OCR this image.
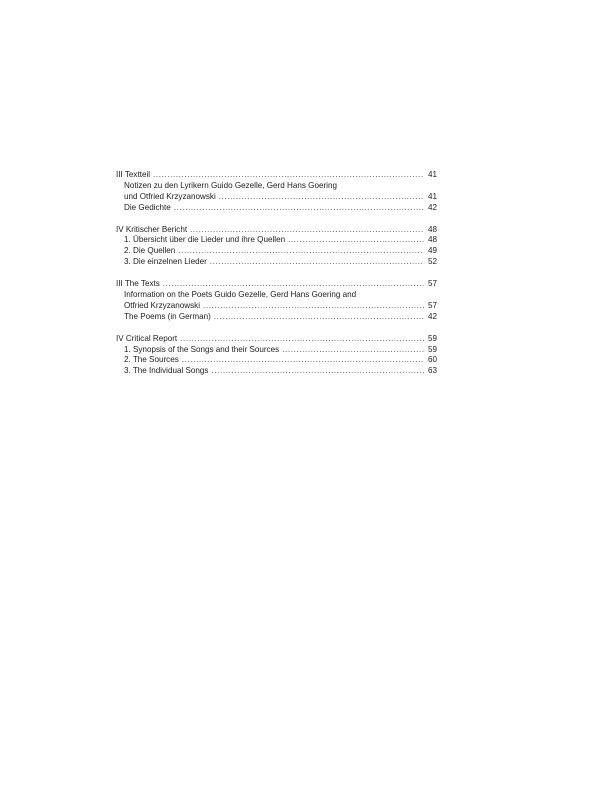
III Textteil .....	41
Notizen zu den Lyrikern Guido Gezelle, Gerd Hans Goering
und Otfried Krzyzanowski .....	41
Die Gedichte .....	42
IV Kritischer Bericht .....	48
1. Übersicht über die Lieder und ihre Quellen .....	48
2. Die Quellen .....	49
3. Die einzelnen Lieder .....	52
III The Texts .....	57
Information on the Poets Guido Gezelle, Gerd Hans Goering and
Otfried Krzyzanowski .....	57
The Poems (in German) .....	42
IV Critical Report .....	59
1. Synopsis of the Songs and their Sources .....	59
2. The Sources .....	60
3. The Individual Songs .....	63
